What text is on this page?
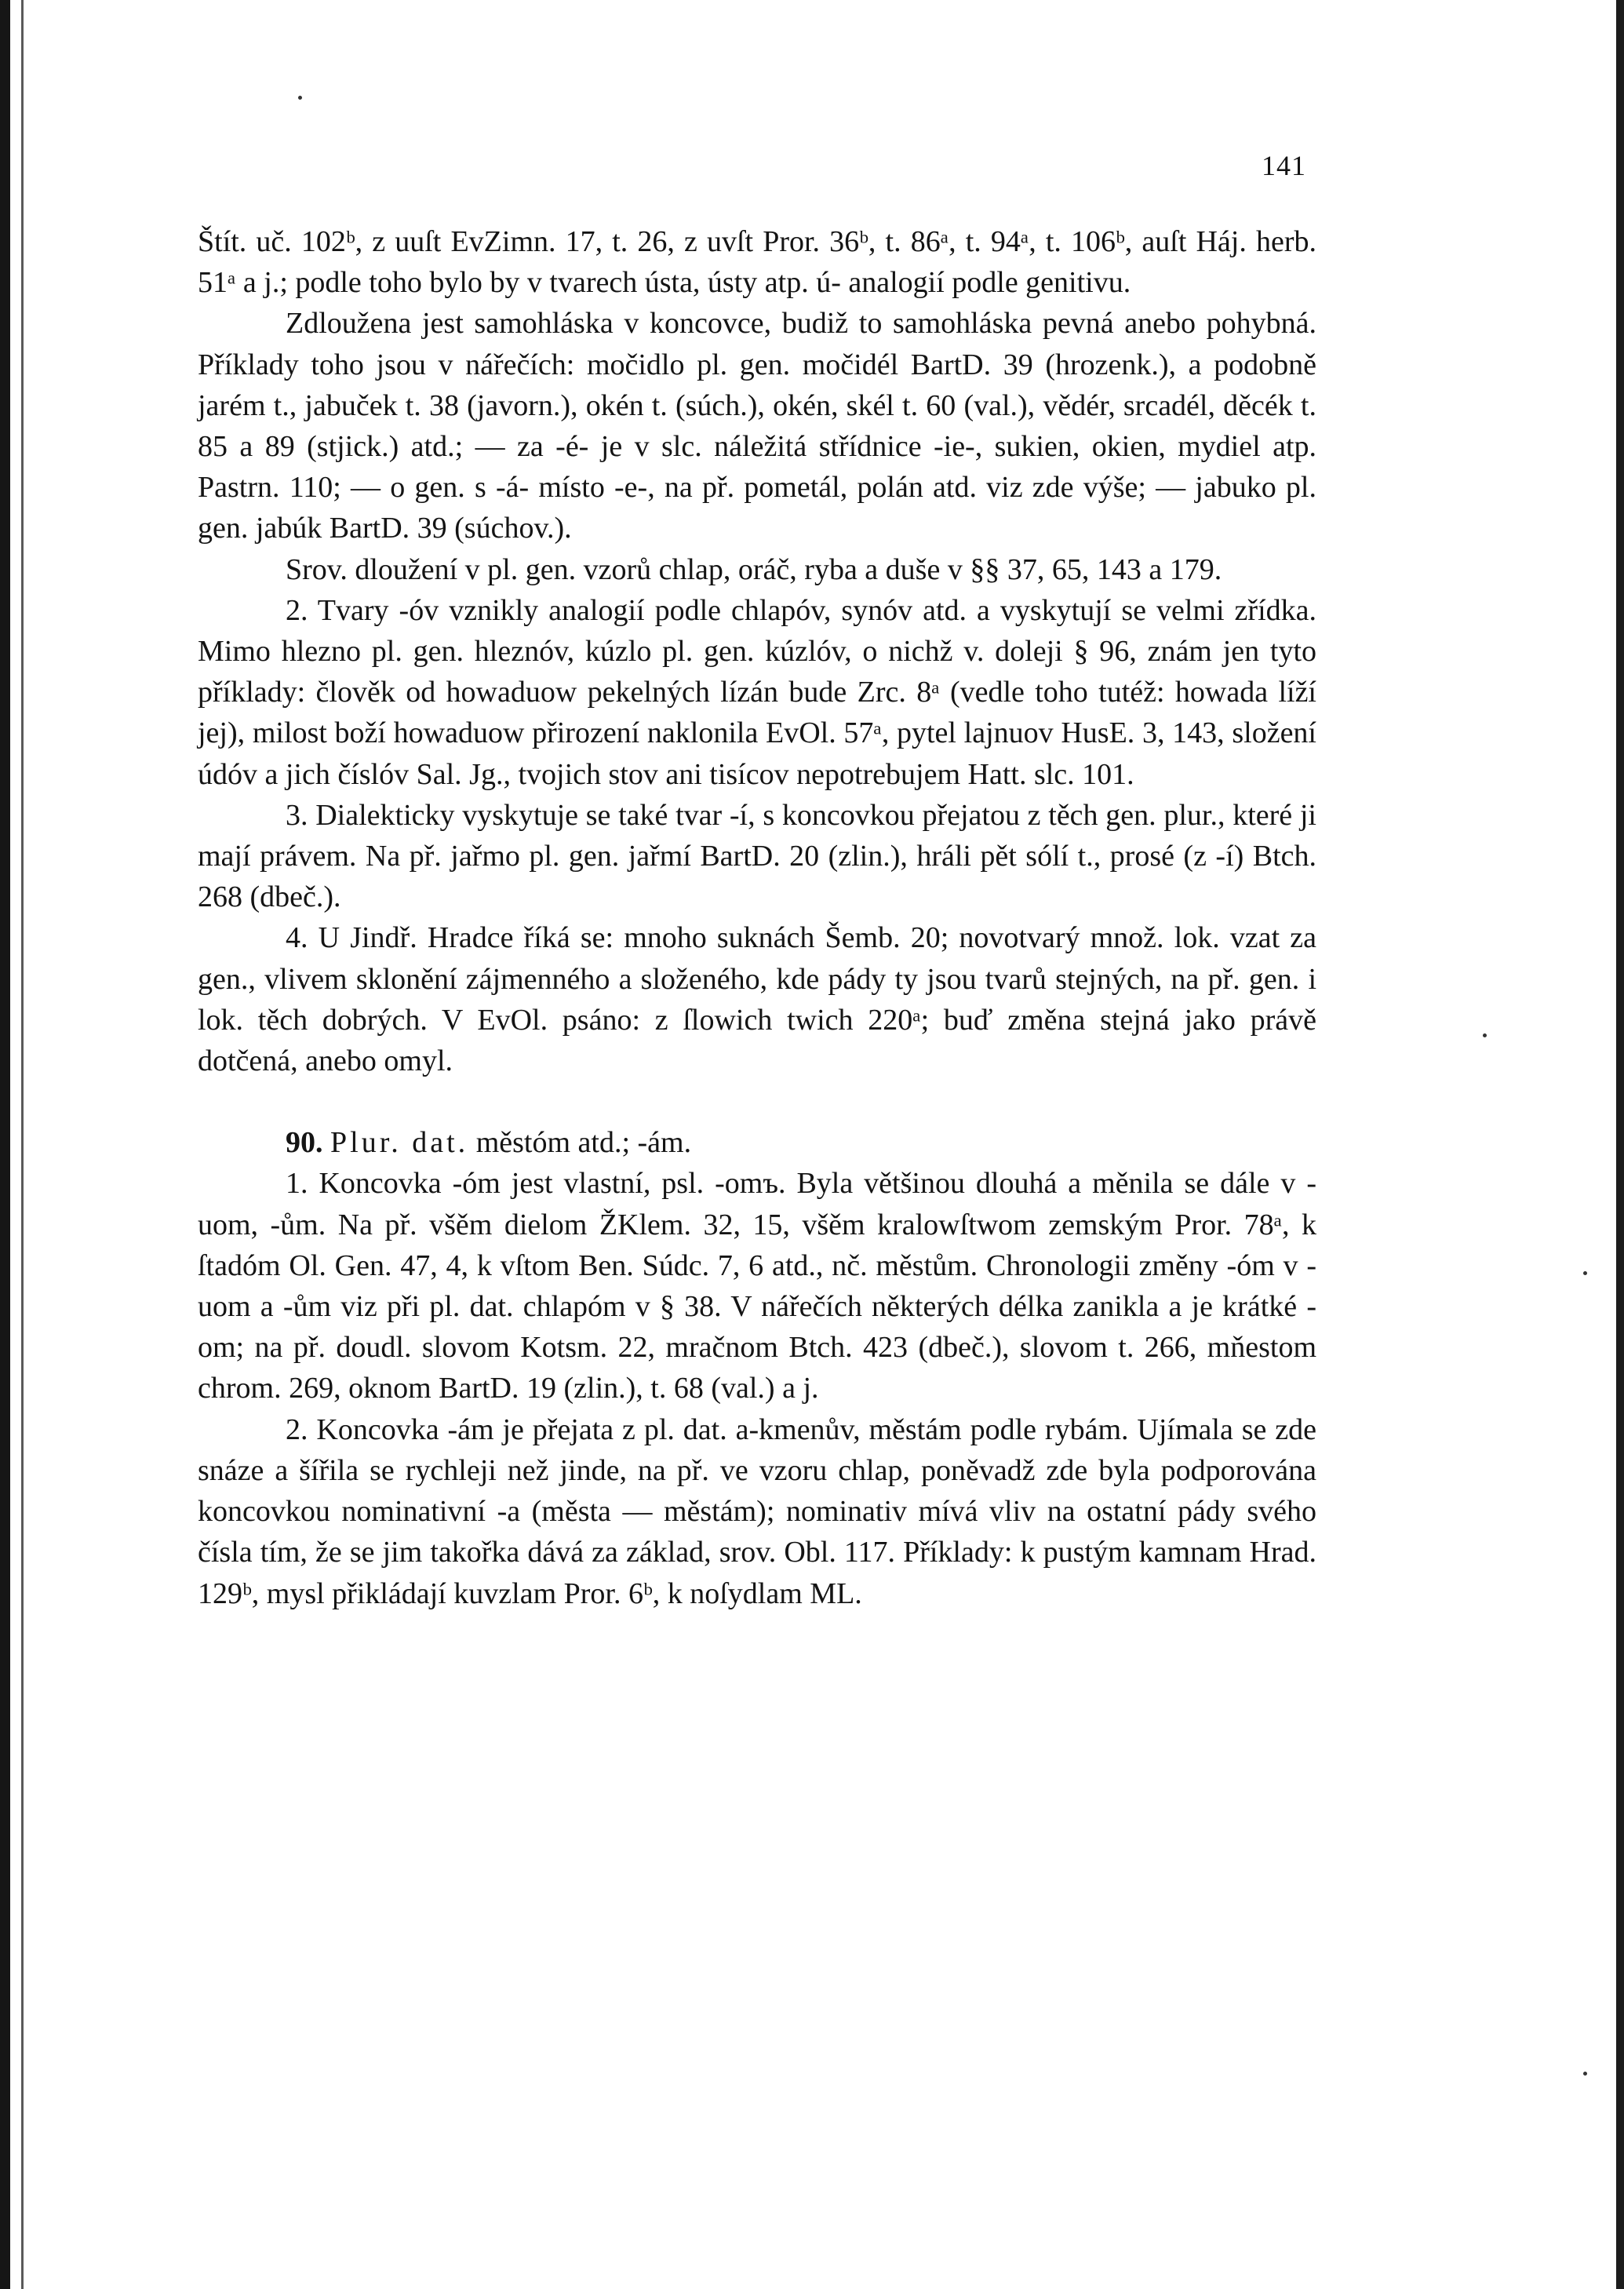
141

Štít. uč. 102ᵇ, z uuſt EvZimn. 17, t. 26, z uvſt Pror. 36ᵇ, t. 86ᵃ, t. 94ᵃ, t. 106ᵇ, auſt Háj. herb. 51ᵃ a j.; podle toho bylo by v tvarech ústa, ústy atp. ú- analogií podle genitivu.

Zdloužena jest samohláska v koncovce, budiž to samohláska pevná anebo pohybná. Příklady toho jsou v nářečích: močidlo pl. gen. močidél BartD. 39 (hrozenk.), a podobně jarém t., jabuček t. 38 (javorn.), okén t. (súch.), okén, skél t. 60 (val.), vědér, srcadél, děcék t. 85 a 89 (stjick.) atd.; — za -é- je v slc. náležitá střídnice -ie-, sukien, okien, mydiel atp. Pastrn. 110; — o gen. s -á- místo -e-, na př. pometál, polán atd. viz zde výše; — jabuko pl. gen. jabúk BartD. 39 (súchov.).

Srov. dloužení v pl. gen. vzorů chlap, oráč, ryba a duše v §§ 37, 65, 143 a 179.

2. Tvary -óv vznikly analogií podle chlapóv, synóv atd. a vyskytují se velmi zřídka. Mimo hlezno pl. gen. hleznóv, kúzlo pl. gen. kúzlóv, o nichž v. doleji § 96, znám jen tyto příklady: člověk od howaduow pekelných lízán bude Zrc. 8ᵃ (vedle toho tutéž: howada líží jej), milost boží howaduow přirození naklonila EvOl. 57ᵃ, pytel lajnuov HusE. 3, 143, složení údóv a jich číslóv Sal. Jg., tvojich stov ani tisícov nepotrebujem Hatt. slc. 101.

3. Dialekticky vyskytuje se také tvar -í, s koncovkou přejatou z těch gen. plur., které ji mají právem. Na př. jařmo pl. gen. jařmí BartD. 20 (zlin.), hráli pět sólí t., prosé (z -í) Btch. 268 (dbeč.).

4. U Jindř. Hradce říká se: mnoho suknách Šemb. 20; novotvarý množ. lok. vzat za gen., vlivem sklonění zájmenného a složeného, kde pády ty jsou tvarů stejných, na př. gen. i lok. těch dobrých. V EvOl. psáno: z ſlowich twich 220ᵃ; buď změna stejná jako právě dotčená, anebo omyl.

90. Plur. dat. městóm atd.; -ám.

1. Koncovka -óm jest vlastní, psl. -omъ. Byla většinou dlouhá a měnila se dále v -uom, -ům. Na př. všěm dielom ŽKlem. 32, 15, všěm kralowſtwom zemským Pror. 78ᵃ, k ſtadóm Ol. Gen. 47, 4, k vſtom Ben. Súdc. 7, 6 atd., nč. městům. Chronologii změny -óm v -uom a -ům viz při pl. dat. chlapóm v § 38. V nářečích některých délka zanikla a je krátké -om; na př. doudl. slovom Kotsm. 22, mračnom Btch. 423 (dbeč.), slovom t. 266, mňestom chrom. 269, oknom BartD. 19 (zlin.), t. 68 (val.) a j.

2. Koncovka -ám je přejata z pl. dat. a-kmenův, městám podle rybám. Ujímala se zde snáze a šířila se rychleji než jinde, na př. ve vzoru chlap, poněvadž zde byla podporována koncovkou nominativní -a (města — městám); nominativ mívá vliv na ostatní pády svého čísla tím, že se jim takořka dává za základ, srov. Obl. 117. Příklady: k pustým kamnam Hrad. 129ᵇ, mysl přikládají kuvzlam Pror. 6ᵇ, k noſydlam ML.
